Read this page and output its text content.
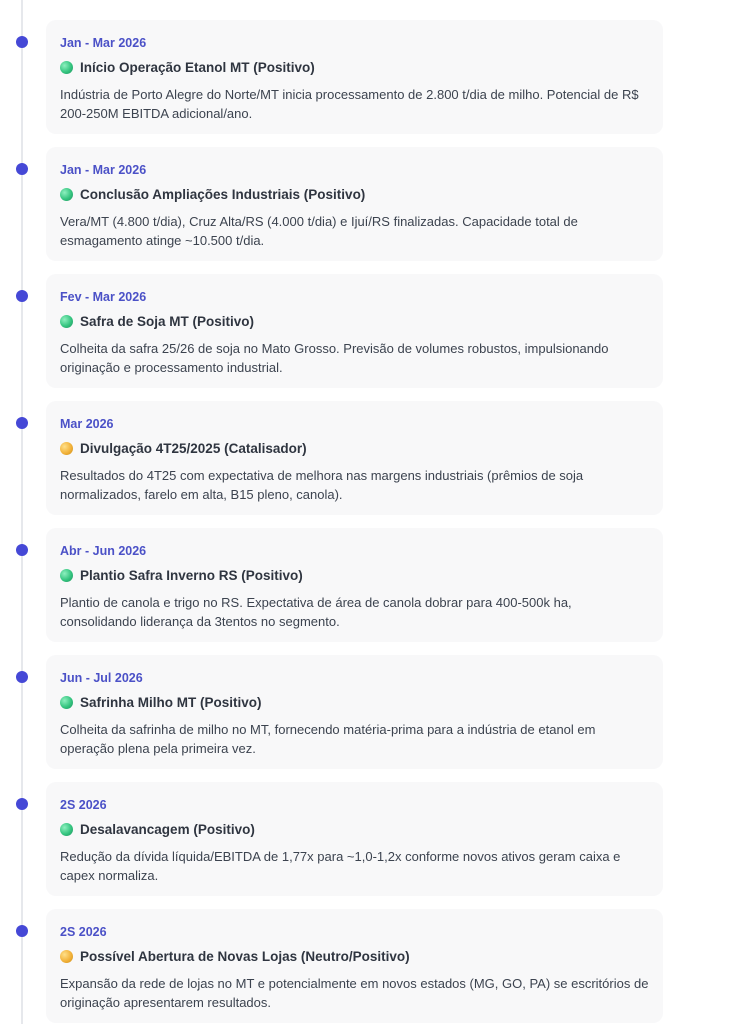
Jan - Mar 2026
Início Operação Etanol MT (Positivo)
Indústria de Porto Alegre do Norte/MT inicia processamento de 2.800 t/dia de milho. Potencial de R$ 200-250M EBITDA adicional/ano.
Jan - Mar 2026
Conclusão Ampliações Industriais (Positivo)
Vera/MT (4.800 t/dia), Cruz Alta/RS (4.000 t/dia) e Ijuí/RS finalizadas. Capacidade total de esmagamento atinge ~10.500 t/dia.
Fev - Mar 2026
Safra de Soja MT (Positivo)
Colheita da safra 25/26 de soja no Mato Grosso. Previsão de volumes robustos, impulsionando originação e processamento industrial.
Mar 2026
Divulgação 4T25/2025 (Catalisador)
Resultados do 4T25 com expectativa de melhora nas margens industriais (prêmios de soja normalizados, farelo em alta, B15 pleno, canola).
Abr - Jun 2026
Plantio Safra Inverno RS (Positivo)
Plantio de canola e trigo no RS. Expectativa de área de canola dobrar para 400-500k ha, consolidando liderança da 3tentos no segmento.
Jun - Jul 2026
Safrinha Milho MT (Positivo)
Colheita da safrinha de milho no MT, fornecendo matéria-prima para a indústria de etanol em operação plena pela primeira vez.
2S 2026
Desalavancagem (Positivo)
Redução da dívida líquida/EBITDA de 1,77x para ~1,0-1,2x conforme novos ativos geram caixa e capex normaliza.
2S 2026
Possível Abertura de Novas Lojas (Neutro/Positivo)
Expansão da rede de lojas no MT e potencialmente em novos estados (MG, GO, PA) se escritórios de originação apresentarem resultados.
